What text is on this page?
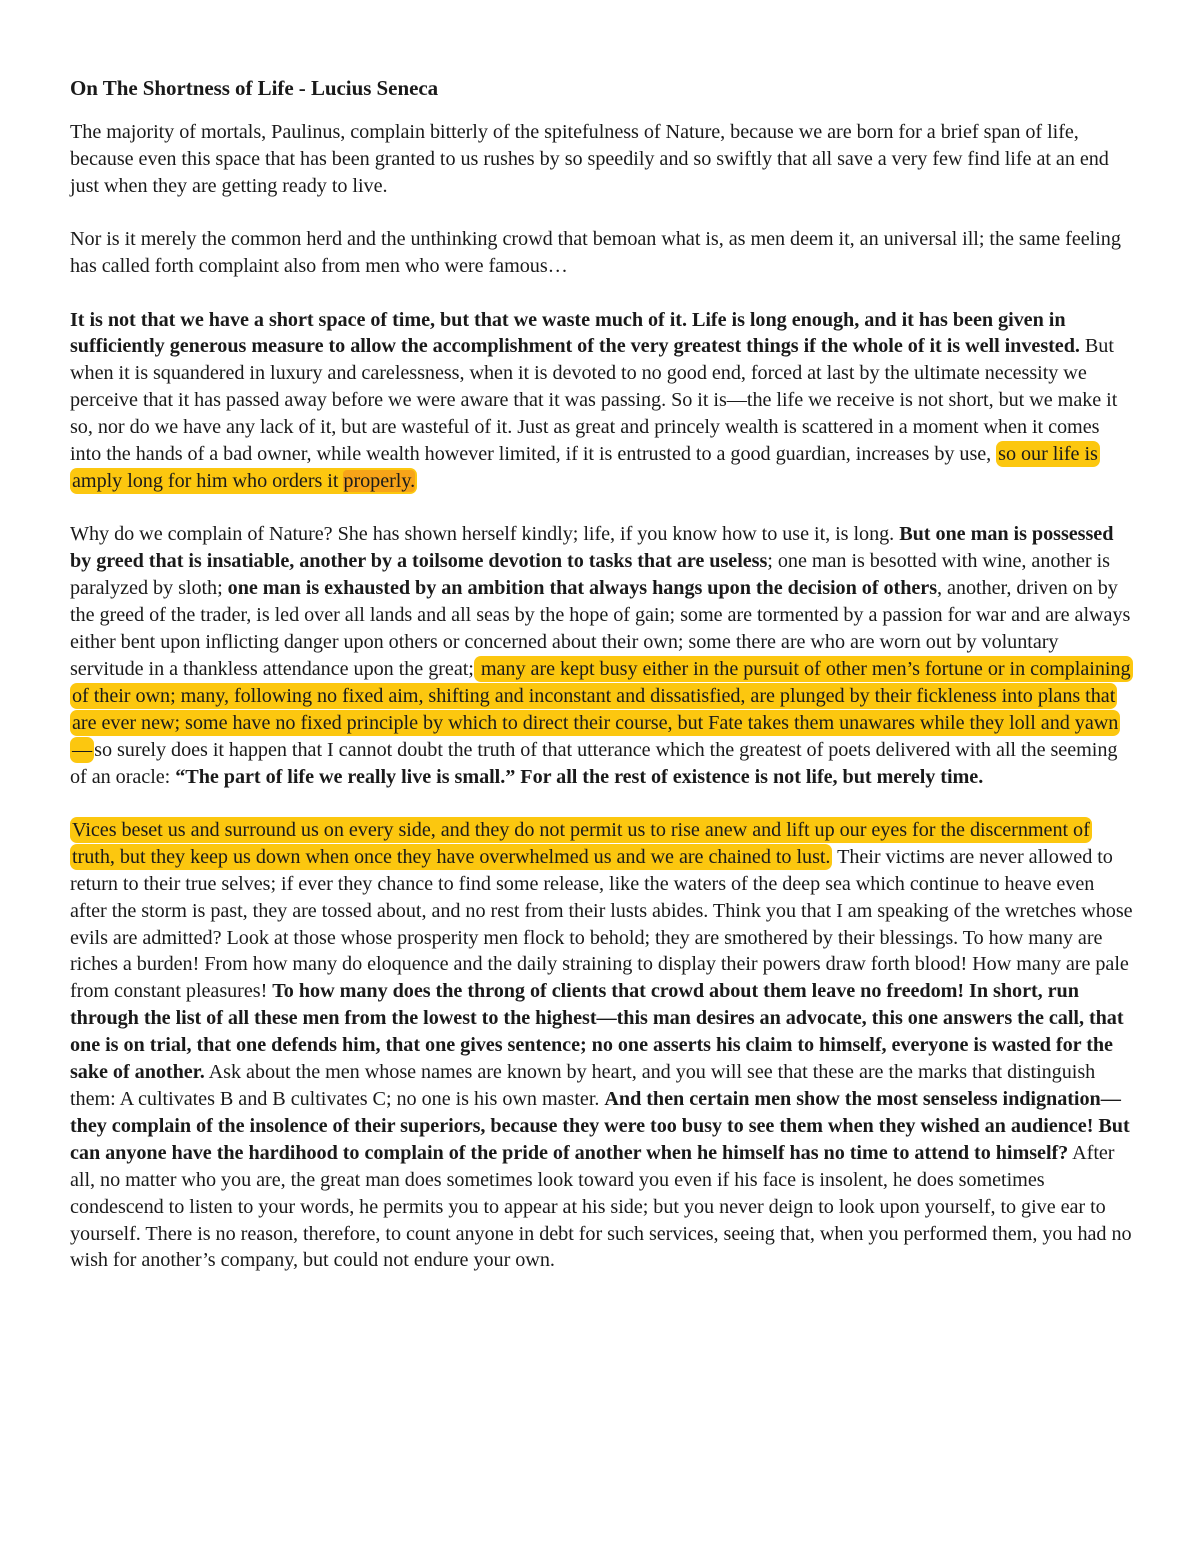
On The Shortness of Life - Lucius Seneca

The majority of mortals, Paulinus, complain bitterly of the spitefulness of Nature, because we are born for a brief span of life, because even this space that has been granted to us rushes by so speedily and so swiftly that all save a very few find life at an end just when they are getting ready to live.

Nor is it merely the common herd and the unthinking crowd that bemoan what is, as men deem it, an universal ill; the same feeling has called forth complaint also from men who were famous…

It is not that we have a short space of time, but that we waste much of it. Life is long enough, and it has been given in sufficiently generous measure to allow the accomplishment of the very greatest things if the whole of it is well invested. But when it is squandered in luxury and carelessness, when it is devoted to no good end, forced at last by the ultimate necessity we perceive that it has passed away before we were aware that it was passing. So it is—the life we receive is not short, but we make it so, nor do we have any lack of it, but are wasteful of it. Just as great and princely wealth is scattered in a moment when it comes into the hands of a bad owner, while wealth however limited, if it is entrusted to a good guardian, increases by use, so our life is amply long for him who orders it properly.

Why do we complain of Nature? She has shown herself kindly; life, if you know how to use it, is long. But one man is possessed by greed that is insatiable, another by a toilsome devotion to tasks that are useless; one man is besotted with wine, another is paralyzed by sloth; one man is exhausted by an ambition that always hangs upon the decision of others, another, driven on by the greed of the trader, is led over all lands and all seas by the hope of gain; some are tormented by a passion for war and are always either bent upon inflicting danger upon others or concerned about their own; some there are who are worn out by voluntary servitude in a thankless attendance upon the great; many are kept busy either in the pursuit of other men’s fortune or in complaining of their own; many, following no fixed aim, shifting and inconstant and dissatisfied, are plunged by their fickleness into plans that are ever new; some have no fixed principle by which to direct their course, but Fate takes them unawares while they loll and yawn—so surely does it happen that I cannot doubt the truth of that utterance which the greatest of poets delivered with all the seeming of an oracle: “The part of life we really live is small.” For all the rest of existence is not life, but merely time.

Vices beset us and surround us on every side, and they do not permit us to rise anew and lift up our eyes for the discernment of truth, but they keep us down when once they have overwhelmed us and we are chained to lust. Their victims are never allowed to return to their true selves; if ever they chance to find some release, like the waters of the deep sea which continue to heave even after the storm is past, they are tossed about, and no rest from their lusts abides. Think you that I am speaking of the wretches whose evils are admitted? Look at those whose prosperity men flock to behold; they are smothered by their blessings. To how many are riches a burden! From how many do eloquence and the daily straining to display their powers draw forth blood! How many are pale from constant pleasures! To how many does the throng of clients that crowd about them leave no freedom! In short, run through the list of all these men from the lowest to the highest—this man desires an advocate, this one answers the call, that one is on trial, that one defends him, that one gives sentence; no one asserts his claim to himself, everyone is wasted for the sake of another. Ask about the men whose names are known by heart, and you will see that these are the marks that distinguish them: A cultivates B and B cultivates C; no one is his own master. And then certain men show the most senseless indignation—they complain of the insolence of their superiors, because they were too busy to see them when they wished an audience! But can anyone have the hardihood to complain of the pride of another when he himself has no time to attend to himself? After all, no matter who you are, the great man does sometimes look toward you even if his face is insolent, he does sometimes condescend to listen to your words, he permits you to appear at his side; but you never deign to look upon yourself, to give ear to yourself. There is no reason, therefore, to count anyone in debt for such services, seeing that, when you performed them, you had no wish for another’s company, but could not endure your own.
